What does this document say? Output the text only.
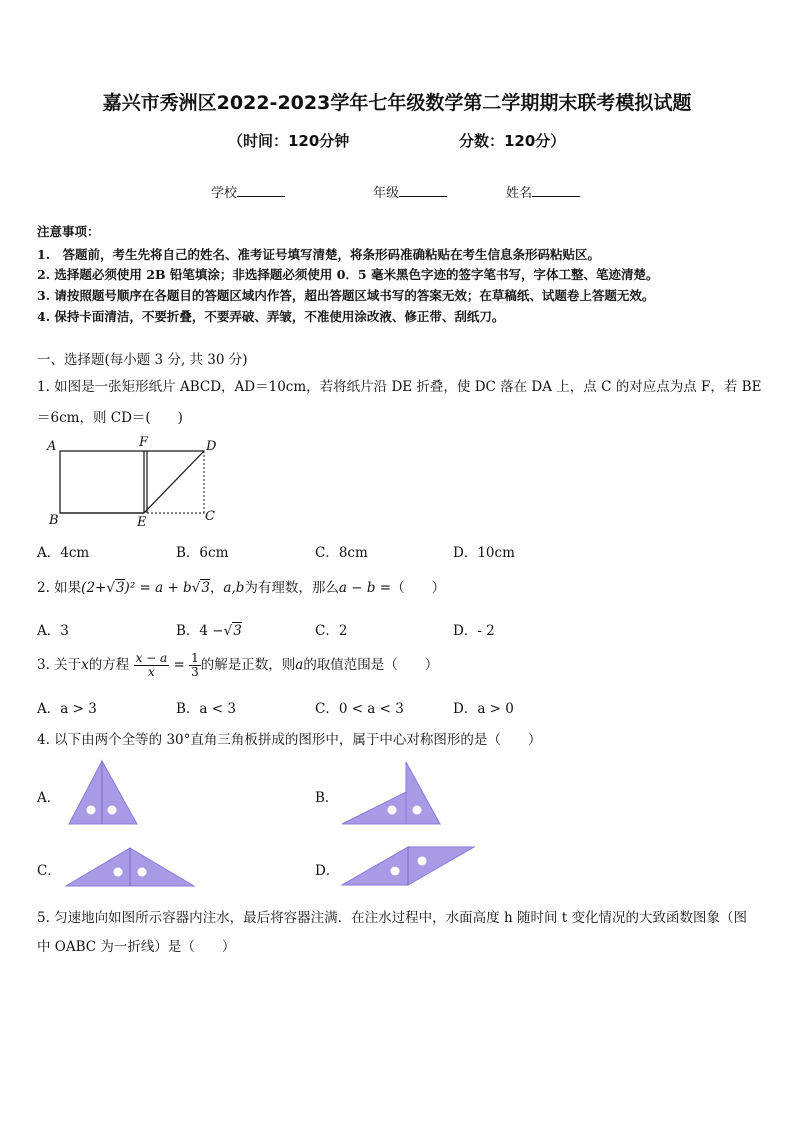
嘉兴市秀洲区2022-2023学年七年级数学第二学期期末联考模拟试题
（时间：120分钟	分数：120分）
学校	年级	姓名
注意事项：
1.　答题前，考生先将自己的姓名、准考证号填写清楚，将条形码准确粘贴在考生信息条形码粘贴区。
2. 选择题必须使用 2B 铅笔填涂；非选择题必须使用 0．5 毫米黑色字迹的签字笔书写，字体工整、笔迹清楚。
3. 请按照题号顺序在各题目的答题区域内作答，超出答题区域书写的答案无效；在草稿纸、试题卷上答题无效。
4. 保持卡面清洁，不要折叠，不要弄破、弄皱，不准使用涂改液、修正带、刮纸刀。
一、选择题(每小题 3 分, 共 30 分)
1. 如图是一张矩形纸片 ABCD，AD＝10cm，若将纸片沿 DE 折叠，使 DC 落在 DA 上，点 C 的对应点为点 F，若 BE
＝6cm，则 CD＝(　　)
A	F	D
B	E	C
A．4cm	B．6cm	C．8cm	D．10cm
2. 如果(2+√3)² = a + b√3，a,b为有理数，那么a − b =（　　）
A．3	B．4 −√3	C．2	D．- 2
3. 关于x的方程 $\frac{x - a}{x} = \frac{1}{3}$ 的解是正数，则a的取值范围是（　　）
A．a > 3	B．a < 3	C．0 < a < 3	D．a > 0
4. 以下由两个全等的 30°直角三角板拼成的图形中，属于中心对称图形的是（　　）
A．	B．
C．	D．
5. 匀速地向如图所示容器内注水，最后将容器注满．在注水过程中，水面高度 h 随时间 t 变化情况的大致函数图象（图
中 OABC 为一折线）是（　　）
